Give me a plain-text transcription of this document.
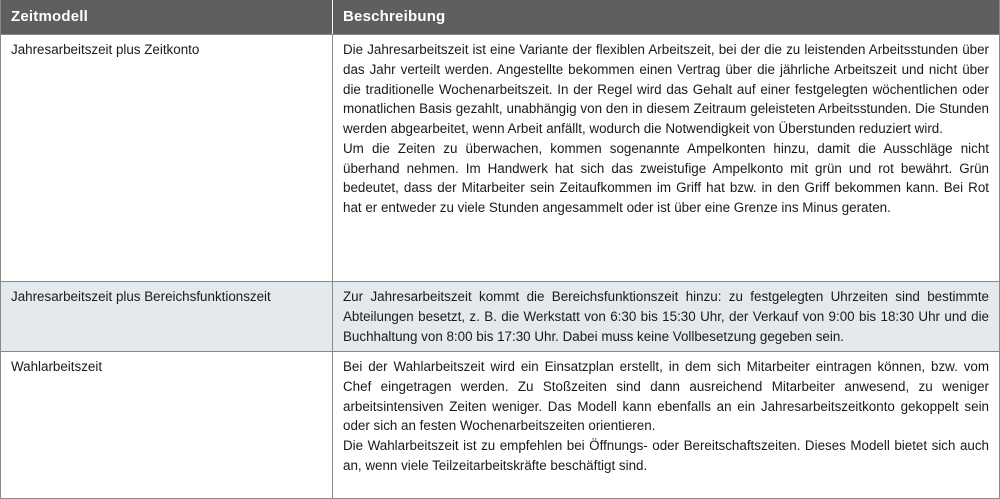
Zeitmodell	Beschreibung
Jahresarbeitszeit plus Zeitkonto	Die Jahresarbeitszeit ist eine Variante der flexiblen Arbeitszeit, bei der die zu leistenden Arbeitsstunden über das Jahr verteilt werden. Angestellte bekommen einen Vertrag über die jährliche Arbeitszeit und nicht über die traditionelle Wochenarbeitszeit. In der Regel wird das Gehalt auf einer festgelegten wöchentlichen oder monatlichen Basis gezahlt, unabhängig von den in diesem Zeitraum geleisteten Arbeitsstunden. Die Stunden werden abgearbeitet, wenn Arbeit anfällt, wodurch die Notwendigkeit von Überstunden reduziert wird.

Um die Zeiten zu überwachen, kommen sogenannte Ampelkonten hinzu, damit die Ausschläge nicht überhand nehmen. Im Handwerk hat sich das zweistufige Ampelkonto mit grün und rot bewährt. Grün bedeutet, dass der Mitarbeiter sein Zeitaufkommen im Griff hat bzw. in den Griff bekommen kann. Bei Rot hat er entweder zu viele Stunden angesammelt oder ist über eine Grenze ins Minus geraten.

Jahresarbeitszeit plus Bereichsfunktionszeit	Zur Jahresarbeitszeit kommt die Bereichsfunktionszeit hinzu: zu festgelegten Uhrzeiten sind bestimmte Abteilungen besetzt, z. B. die Werkstatt von 6:30 bis 15:30 Uhr, der Verkauf von 9:00 bis 18:30 Uhr und die Buchhaltung von 8:00 bis 17:30 Uhr. Dabei muss keine Vollbesetzung gegeben sein.

Wahlarbeitszeit	Bei der Wahlarbeitszeit wird ein Einsatzplan erstellt, in dem sich Mitarbeiter eintragen können, bzw. vom Chef eingetragen werden. Zu Stoßzeiten sind dann ausreichend Mitarbeiter anwesend, zu weniger arbeitsintensiven Zeiten weniger. Das Modell kann ebenfalls an ein Jahresarbeitszeitkonto gekoppelt sein oder sich an festen Wochenarbeitszeiten orientieren.

Die Wahlarbeitszeit ist zu empfehlen bei Öffnungs- oder Bereitschaftszeiten. Dieses Modell bietet sich auch an, wenn viele Teilzeitarbeitskräfte beschäftigt sind.
